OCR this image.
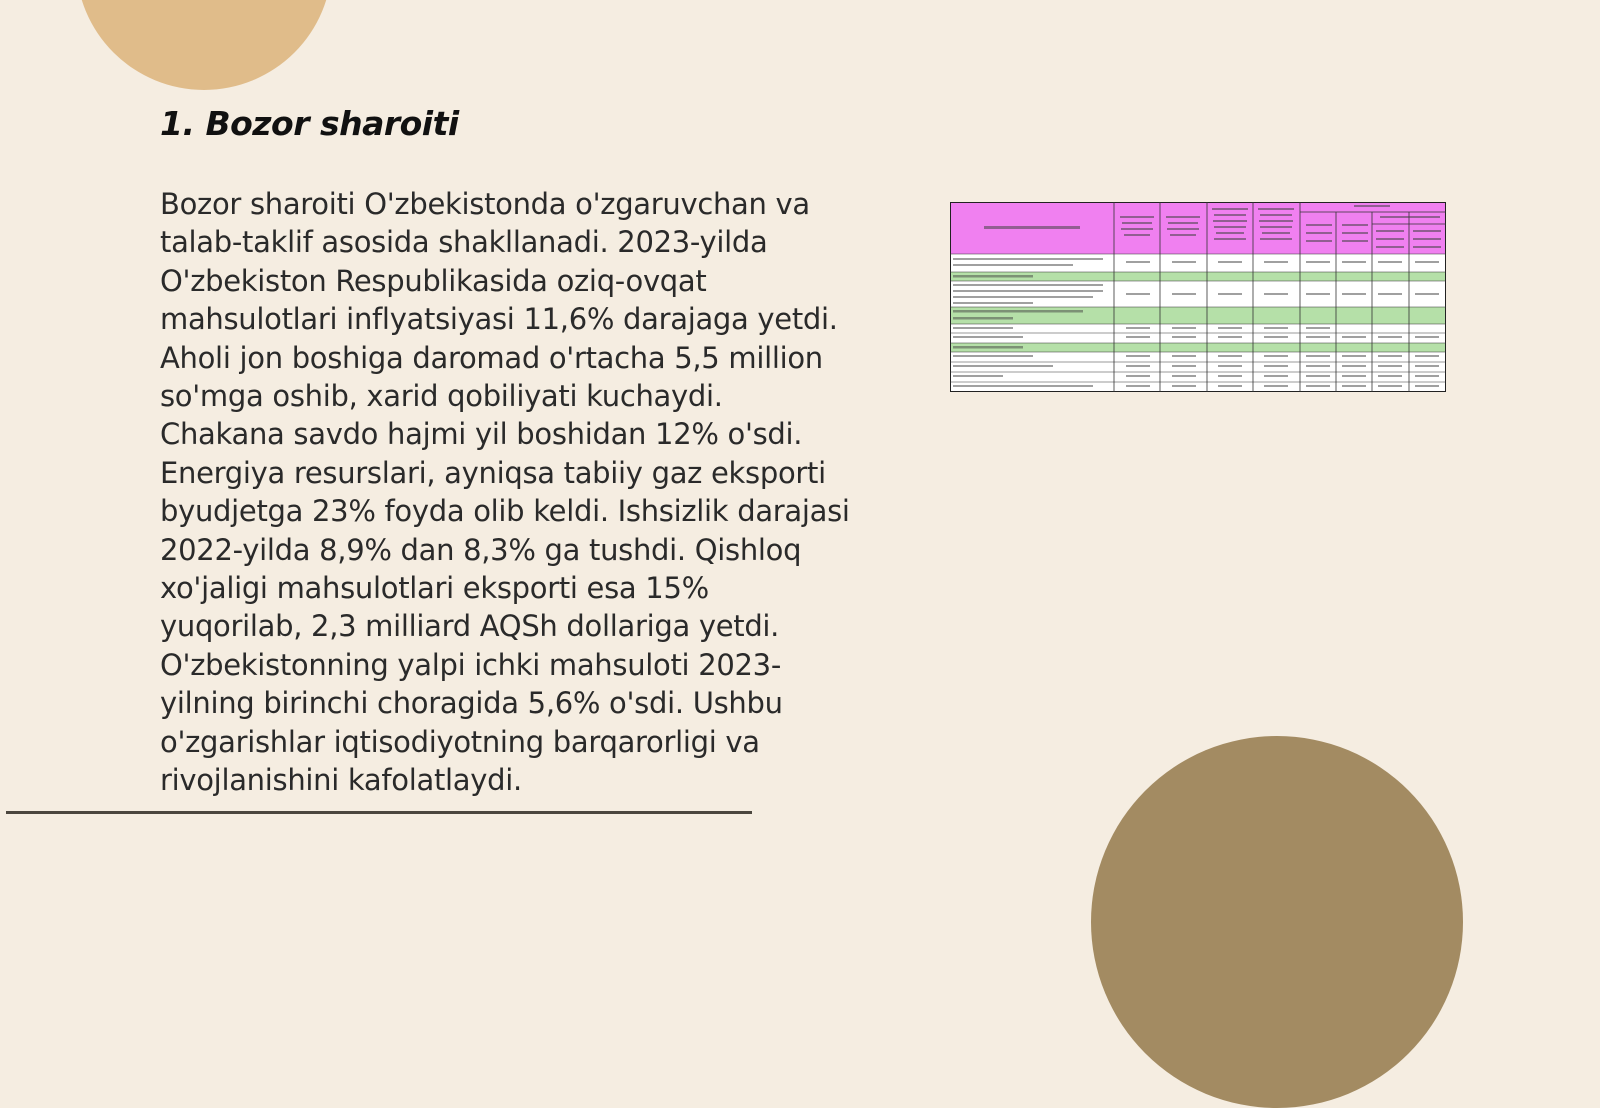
1. Bozor sharoiti

Bozor sharoiti O'zbekistonda o'zgaruvchan va talab-taklif asosida shakllanadi. 2023-yilda O'zbekiston Respublikasida oziq-ovqat mahsulotlari inflyatsiyasi 11,6% darajaga yetdi. Aholi jon boshiga daromad o'rtacha 5,5 million so'mga oshib, xarid qobiliyati kuchaydi. Chakana savdo hajmi yil boshidan 12% o'sdi. Energiya resurslari, ayniqsa tabiiy gaz eksporti byudjetga 23% foyda olib keldi. Ishsizlik darajasi 2022-yilda 8,9% dan 8,3% ga tushdi. Qishloq xo'jaligi mahsulotlari eksporti esa 15% yuqorilab, 2,3 milliard AQSh dollariga yetdi. O'zbekistonning yalpi ichki mahsuloti 2023-yilning birinchi choragida 5,6% o'sdi. Ushbu o'zgarishlar iqtisodiyotning barqarorligi va rivojlanishini kafolatlaydi.
